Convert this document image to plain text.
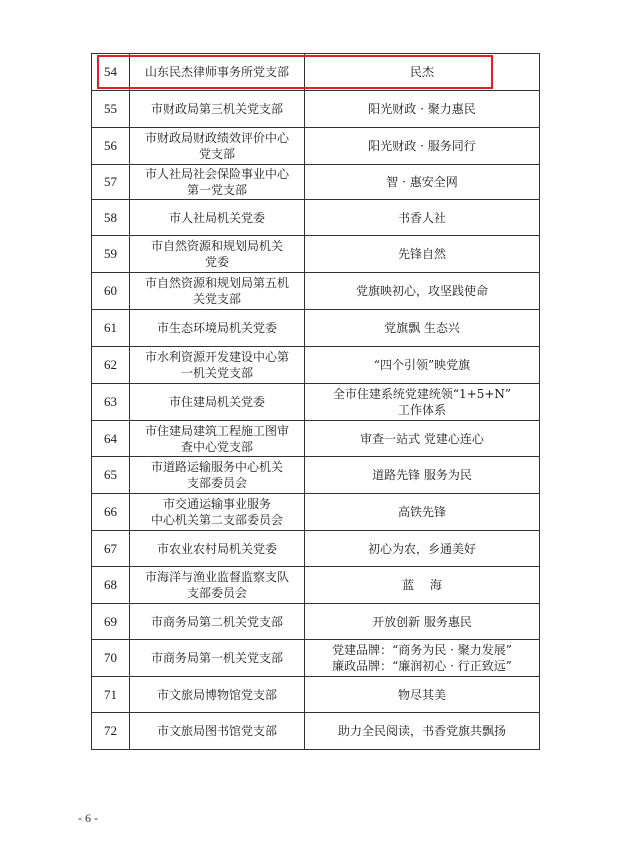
54	山东民杰律师事务所党支部	民杰

55	市财政局第三机关党支部	阳光财政 · 聚力惠民

56	市财政局财政绩效评价中心
党支部	阳光财政 · 服务同行

57	市人社局社会保险事业中心
第一党支部	智 · 惠安全网

58	市人社局机关党委	书香人社

59	市自然资源和规划局机关
党委	先锋自然

60	市自然资源和规划局第五机
关党支部	党旗映初心，攻坚践使命

61	市生态环境局机关党委	党旗飘 生态兴

62	市水利资源开发建设中心第
一机关党支部	“四个引领”映党旗

63	市住建局机关党委	全市住建系统党建统领“1+5+N”
工作体系

64	市住建局建筑工程施工图审
查中心党支部	审查一站式 党建心连心

65	市道路运输服务中心机关
支部委员会	道路先锋 服务为民

66	市交通运输事业服务
中心机关第二支部委员会	高铁先锋

67	市农业农村局机关党委	初心为农，乡通美好

68	市海洋与渔业监督监察支队
支部委员会	蓝　 海

69	市商务局第二机关党支部	开放创新 服务惠民

70	市商务局第一机关党支部	党建品牌：“商务为民 · 聚力发展”
廉政品牌：“廉润初心 · 行正致远”

71	市文旅局博物馆党支部	物尽其美

72	市文旅局图书馆党支部	助力全民阅读，书香党旗共飘扬
- 6 -
